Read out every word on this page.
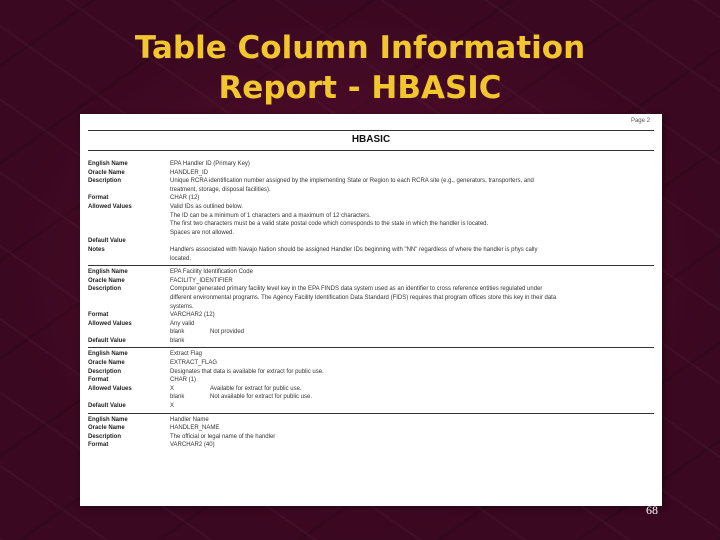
Table Column Information
Report - HBASIC
Page 2
HBASIC
English Name	EPA Handler ID (Primary Key)
Oracle Name	HANDLER_ID
Description	Unique RCRA identification number assigned by the implementing State or Region to each RCRA site (e.g., generators, transporters, and
treatment, storage, disposal facilities).
Format	CHAR (12)
Allowed Values	Valid IDs as outlined below.
The ID can be a minimum of 1 characters and a maximum of 12 characters.
The first two characters must be a valid state postal code which corresponds to the state in which the handler is located.
Spaces are not allowed.
Default Value
Notes	Handlers associated with Navajo Nation should be assigned Handler IDs beginning with "NN" regardless of where the handler is phys cally
located.
English Name	EPA Facility Identification Code
Oracle Name	FACILITY_IDENTIFIER
Description	Computer generated primary facility level key in the EPA FINDS data system used as an identifier to cross reference entities regulated under
different environmental programs. The Agency Facility Identification Data Standard (FIDS) requires that program offices store this key in their data
systems.
Format	VARCHAR2 (12)
Allowed Values	Any valid
blank	Not provided
Default Value	blank
English Name	Extract Flag
Oracle Name	EXTRACT_FLAG
Description	Designates that data is available for extract for public use.
Format	CHAR (1)
Allowed Values	X	Available for extract for public use.
blank	Not available for extract for public use.
Default Value	X
English Name	Handler Name
Oracle Name	HANDLER_NAME
Description	The official or legal name of the handler
Format	VARCHAR2 (40)
68
